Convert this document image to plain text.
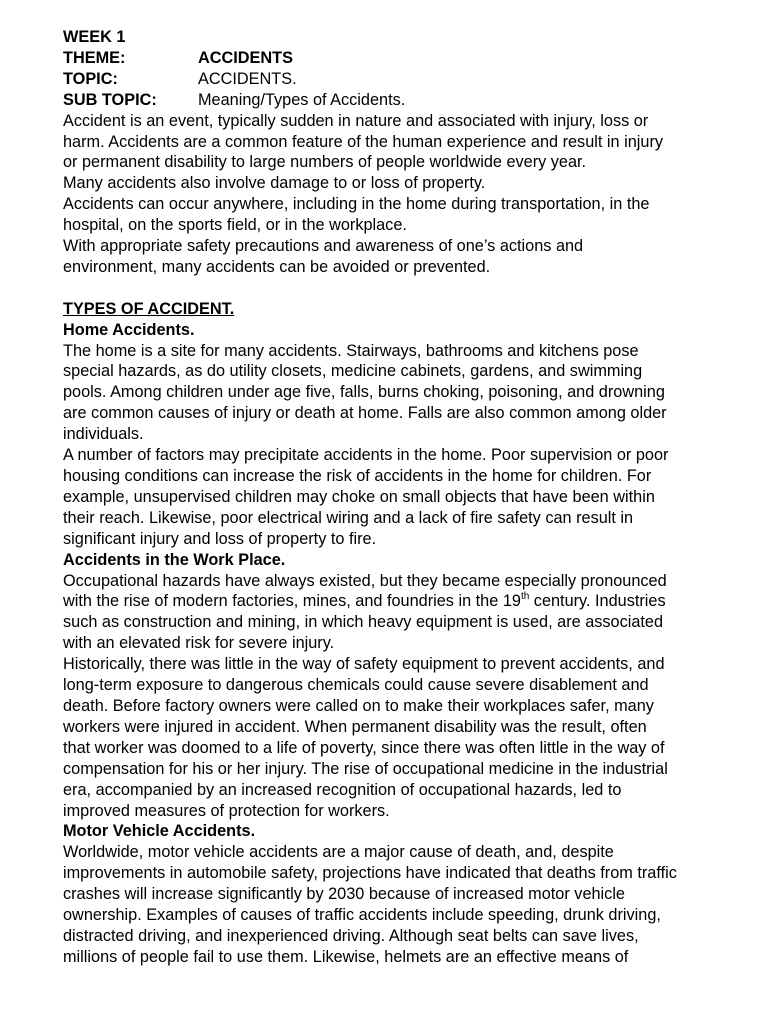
WEEK 1
THEME:	ACCIDENTS
TOPIC:	ACCIDENTS.
SUB TOPIC:	Meaning/Types of Accidents.
Accident is an event, typically sudden in nature and associated with injury, loss or
harm. Accidents are a common feature of the human experience and result in injury
or permanent disability to large numbers of people worldwide every year.
Many accidents also involve damage to or loss of property.
Accidents can occur anywhere, including in the home during transportation, in the
hospital, on the sports field, or in the workplace.
With appropriate safety precautions and awareness of one’s actions and
environment, many accidents can be avoided or prevented.
TYPES OF ACCIDENT.
Home Accidents.
The home is a site for many accidents. Stairways, bathrooms and kitchens pose
special hazards, as do utility closets, medicine cabinets, gardens, and swimming
pools. Among children under age five, falls, burns choking, poisoning, and drowning
are common causes of injury or death at home. Falls are also common among older
individuals.
A number of factors may precipitate accidents in the home. Poor supervision or poor
housing conditions can increase the risk of accidents in the home for children. For
example, unsupervised children may choke on small objects that have been within
their reach. Likewise, poor electrical wiring and a lack of fire safety can result in
significant injury and loss of property to fire.
Accidents in the Work Place.
Occupational hazards have always existed, but they became especially pronounced
with the rise of modern factories, mines, and foundries in the 19th century. Industries
such as construction and mining, in which heavy equipment is used, are associated
with an elevated risk for severe injury.
Historically, there was little in the way of safety equipment to prevent accidents, and
long-term exposure to dangerous chemicals could cause severe disablement and
death. Before factory owners were called on to make their workplaces safer, many
workers were injured in accident. When permanent disability was the result, often
that worker was doomed to a life of poverty, since there was often little in the way of
compensation for his or her injury. The rise of occupational medicine in the industrial
era, accompanied by an increased recognition of occupational hazards, led to
improved measures of protection for workers.
Motor Vehicle Accidents.
Worldwide, motor vehicle accidents are a major cause of death, and, despite
improvements in automobile safety, projections have indicated that deaths from traffic
crashes will increase significantly by 2030 because of increased motor vehicle
ownership. Examples of causes of traffic accidents include speeding, drunk driving,
distracted driving, and inexperienced driving. Although seat belts can save lives,
millions of people fail to use them. Likewise, helmets are an effective means of
